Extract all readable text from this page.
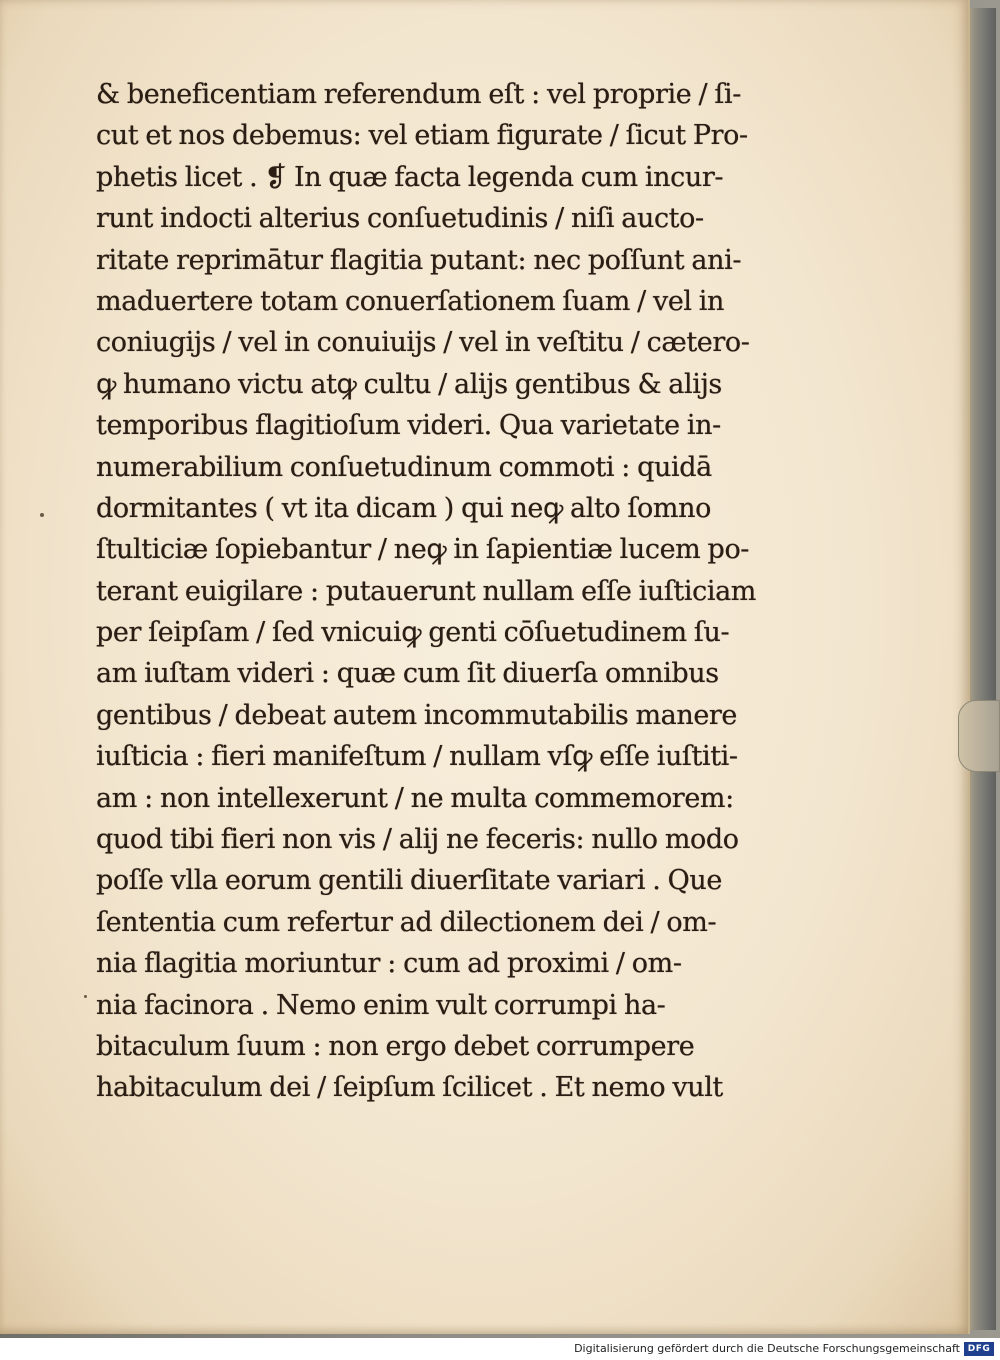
& beneficentiam referendum eſt : vel proprie / ſi-
cut et nos debemus: vel etiam figurate / ſicut Pro-
phetis licet . ❡ In quæ facta legenda cum incur-
runt indocti alterius conſuetudinis / niſi aucto-
ritate reprimātur flagitia putant: nec poſſunt ani-
maduertere totam conuerſationem ſuam / vel in
coniugijs / vel in conuiuijs / vel in veſtitu / cætero-
ꝙ humano victu atꝙ cultu / alijs gentibus & alijs
temporibus flagitioſum videri. Qua varietate in-
numerabilium conſuetudinum commoti : quidā
dormitantes ( vt ita dicam ) qui neꝙ alto ſomno
ſtulticiæ ſopiebantur / neꝙ in ſapientiæ lucem po-
terant euigilare : putauerunt nullam eſſe iuſticiam
per ſeipſam / ſed vnicuiꝙ genti cōſuetudinem ſu-
am iuſtam videri : quæ cum ſit diuerſa omnibus
gentibus / debeat autem incommutabilis manere
iuſticia : fieri manifeſtum / nullam vſꝙ eſſe iuſtiti-
am : non intellexerunt / ne multa commemorem:
quod tibi fieri non vis / alij ne feceris: nullo modo
poſſe vlla eorum gentili diuerſitate variari . Que
ſententia cum refertur ad dilectionem dei / om-
nia flagitia moriuntur : cum ad proximi / om-
nia facinora . Nemo enim vult corrumpi ha-
bitaculum ſuum : non ergo debet corrumpere
habitaculum dei / ſeipſum ſcilicet . Et nemo vult
Digitalisierung gefördert durch die Deutsche Forschungsgemeinschaft DFG
